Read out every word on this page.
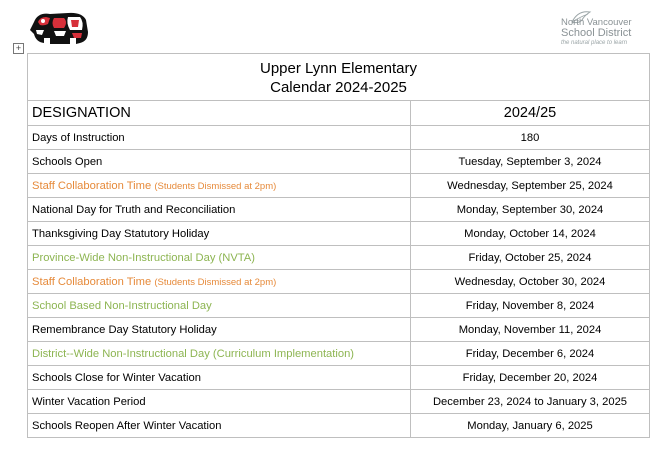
North Vancouver
School District
the natural place to learn
+
Upper Lynn Elementary
Calendar 2024-2025	

DESIGNATION	2024/25
Days of Instruction	180
Schools Open	Tuesday, September 3, 2024
Staff Collaboration Time (Students Dismissed at 2pm)	Wednesday, September 25, 2024
National Day for Truth and Reconciliation	Monday, September 30, 2024
Thanksgiving Day Statutory Holiday	Monday, October 14, 2024
Province-Wide Non-Instructional Day (NVTA)	Friday, October 25, 2024
Staff Collaboration Time (Students Dismissed at 2pm)	Wednesday, October 30, 2024
School Based Non-Instructional Day	Friday, November 8, 2024
Remembrance Day Statutory Holiday	Monday, November 11, 2024
District--Wide Non-Instructional Day (Curriculum Implementation)	Friday, December 6, 2024
Schools Close for Winter Vacation	Friday, December 20, 2024
Winter Vacation Period	December 23, 2024 to January 3, 2025
Schools Reopen After Winter Vacation	Monday, January 6, 2025
